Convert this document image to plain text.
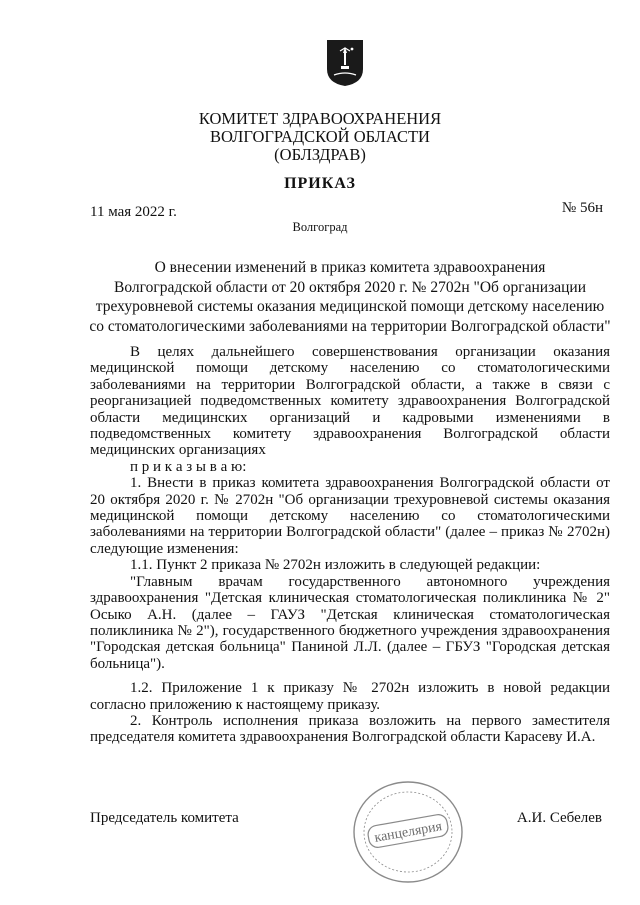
КОМИТЕТ ЗДРАВООХРАНЕНИЯ
ВОЛГОГРАДСКОЙ ОБЛАСТИ
(ОБЛЗДРАВ)
ПРИКАЗ
11 мая 2022 г.	№ 56н
Волгоград
О внесении изменений в приказ комитета здравоохранения
Волгоградской области от 20 октября 2020 г. № 2702н "Об организации
трехуровневой системы оказания медицинской помощи детскому населению
со стоматологическими заболеваниями на территории Волгоградской области"

В целях дальнейшего совершенствования организации оказания медицинской помощи детскому населению со стоматологическими заболеваниями на территории Волгоградской области, а также в связи с реорганизацией подведомственных комитету здравоохранения Волгоградской области медицинских организаций и кадровыми изменениями в подведомственных комитету здравоохранения Волгоградской области медицинских организациях

п р и к а з ы в а ю:

1. Внести в приказ комитета здравоохранения Волгоградской области от 20 октября 2020 г. № 2702н "Об организации трехуровневой системы оказания медицинской помощи детскому населению со стоматологическими заболеваниями на территории Волгоградской области" (далее – приказ № 2702н) следующие изменения:

1.1. Пункт 2 приказа № 2702н изложить в следующей редакции:

"Главным врачам государственного автономного учреждения здравоохранения "Детская клиническая стоматологическая поликлиника № 2" Осыко А.Н. (далее – ГАУЗ "Детская клиническая стоматологическая поликлиника № 2"), государственного бюджетного учреждения здравоохранения "Городская детская больница" Паниной Л.Л. (далее – ГБУЗ "Городская детская больница").

1.2. Приложение 1 к приказу № 2702н изложить в новой редакции согласно приложению к настоящему приказу.

2. Контроль исполнения приказа возложить на первого заместителя председателя комитета здравоохранения Волгоградской области Карасеву И.А.

канцелярия
Председатель комитета	А.И. Себелев
